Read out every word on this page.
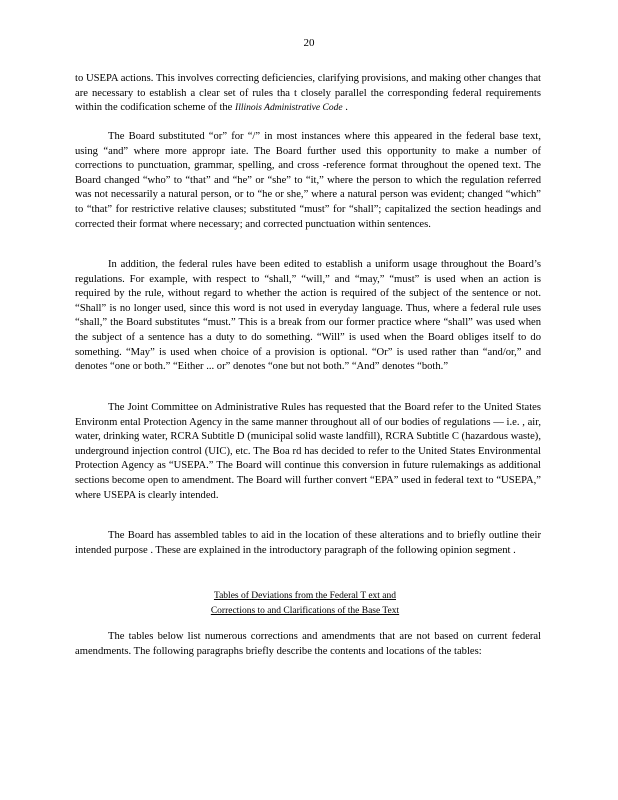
20

to USEPA actions. This involves correcting deficiencies, clarifying provisions, and making other changes that are necessary to establish a clear set of rules tha t closely parallel the corresponding federal requirements within the codification scheme of the Illinois Administrative Code .

The Board substituted “or” for “/” in most instances where this appeared in the federal base text, using “and” where more appropr iate. The Board further used this opportunity to make a number of corrections to punctuation, grammar, spelling, and cross -reference format throughout the opened text. The Board changed “who” to “that” and “he” or “she” to “it,” where the person to which the regulation referred was not necessarily a natural person, or to “he or she,” where a natural person was evident; changed “which” to “that” for restrictive relative clauses; substituted “must” for “shall”; capitalized the section headings and corrected their format where necessary; and corrected punctuation within sentences.

In addition, the federal rules have been edited to establish a uniform usage throughout the Board’s regulations. For example, with respect to “shall,” “will,” and “may,” “must” is used when an action is required by the rule, without regard to whether the action is required of the subject of the sentence or not. “Shall” is no longer used, since this word is not used in everyday language. Thus, where a federal rule uses “shall,” the Board substitutes “must.” This is a break from our former practice where “shall” was used when the subject of a sentence has a duty to do something. “Will” is used when the Board obliges itself to do something. “May” is used when choice of a provision is optional. “Or” is used rather than “and/or,” and denotes “one or both.” “Either ... or” denotes “one but not both.” “And” denotes “both.”

The Joint Committee on Administrative Rules has requested that the Board refer to the United States Environm ental Protection Agency in the same manner throughout all of our bodies of regulations — i.e. , air, water, drinking water, RCRA Subtitle D (municipal solid waste landfill), RCRA Subtitle C (hazardous waste), underground injection control (UIC), etc. The Boa rd has decided to refer to the United States Environmental Protection Agency as “USEPA.” The Board will continue this conversion in future rulemakings as additional sections become open to amendment. The Board will further convert “EPA” used in federal text to “USEPA,” where USEPA is clearly intended.

The Board has assembled tables to aid in the location of these alterations and to briefly outline their intended purpose . These are explained in the introductory paragraph of the following opinion segment .

Tables of Deviations from the Federal T ext and
Corrections to and Clarifications of the Base Text

The tables below list numerous corrections and amendments that are not based on current federal amendments. The following paragraphs briefly describe the contents and locations of the tables:
